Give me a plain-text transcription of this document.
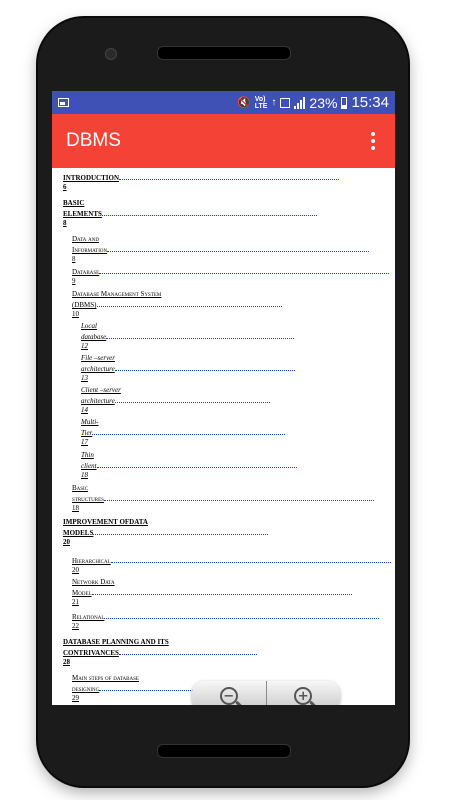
🔇 Vo)
LTE ↑ 23% 15:34
DBMS
INTRODUCTION
6
BASIC
ELEMENTS
8
Data and
Information
8
Database
9
Database Management System
(DBMS)
10
Local
database
12
File –server
architecture
13
Client –server
architecture
14
Multi-
Tier
17
Thin
client
18
Basic
structures
18
IMPROVEMENT OFDATA
MODELS
20
Hierarchical
20
Network Data
Model
21
Relational
22
DATABASE PLANNING AND ITS
CONTRIVANCES
28
Main steps of database
designing
29	−	+
